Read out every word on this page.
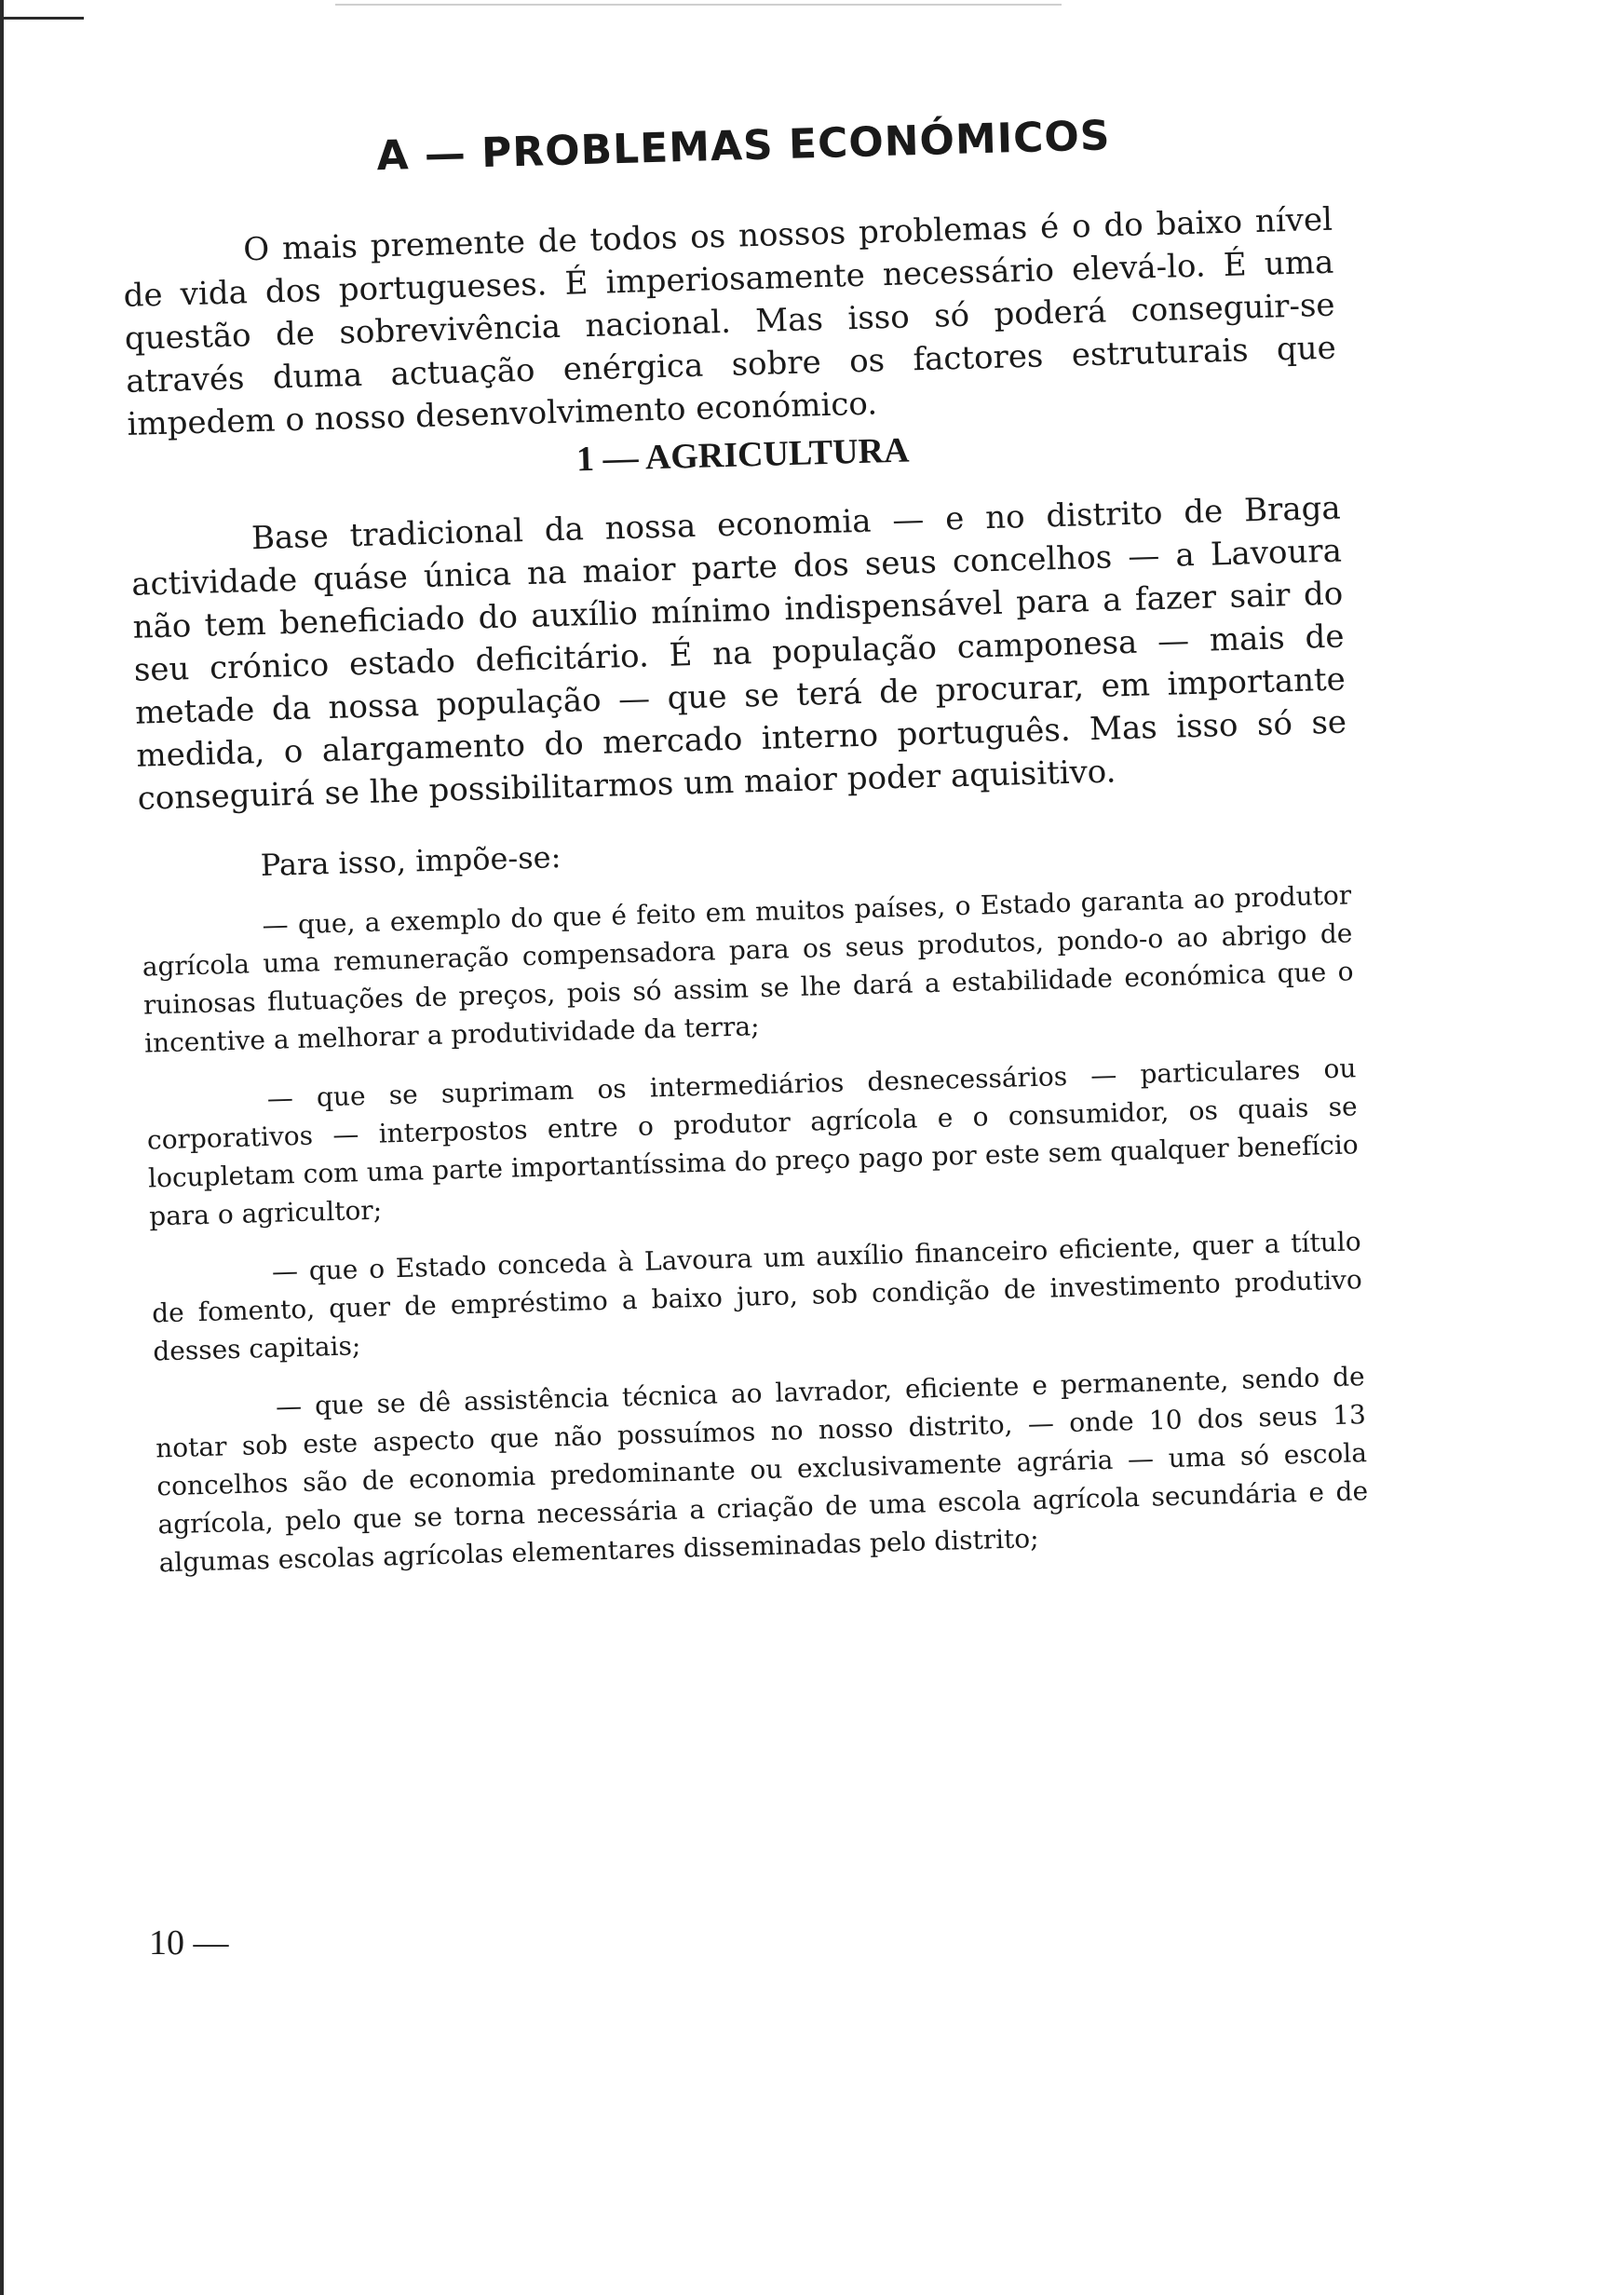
A — PROBLEMAS ECONÓMICOS

O mais premente de todos os nossos problemas é o do baixo nível de vida dos portugueses. É imperiosamente necessário elevá-lo. É uma questão de sobrevivência nacional. Mas isso só poderá conseguir-se através duma actuação enérgica sobre os factores estruturais que impedem o nosso desenvolvimento económico.

1 — AGRICULTURA

Base tradicional da nossa economia — e no distrito de Braga actividade quáse única na maior parte dos seus concelhos — a Lavoura não tem beneficiado do auxílio mínimo indispensável para a fazer sair do seu crónico estado deficitário. É na população camponesa — mais de metade da nossa população — que se terá de procurar, em importante medida, o alargamento do mercado interno português. Mas isso só se conseguirá se lhe possibilitarmos um maior poder aquisitivo.

Para isso, impõe-se:

— que, a exemplo do que é feito em muitos países, o Estado garanta ao produtor agrícola uma remuneração compensadora para os seus produtos, pondo-o ao abrigo de ruinosas flutuações de preços, pois só assim se lhe dará a estabilidade económica que o incentive a melhorar a produtividade da terra;

— que se suprimam os intermediários desnecessários — particulares ou corporativos — interpostos entre o produtor agrícola e o consumidor, os quais se locupletam com uma parte importantíssima do preço pago por este sem qualquer benefício para o agricultor;

— que o Estado conceda à Lavoura um auxílio financeiro eficiente, quer a título de fomento, quer de empréstimo a baixo juro, sob condição de investimento produtivo desses capitais;

— que se dê assistência técnica ao lavrador, eficiente e permanente, sendo de notar sob este aspecto que não possuímos no nosso distrito, — onde 10 dos seus 13 concelhos são de economia predominante ou exclusivamente agrária — uma só escola agrícola, pelo que se torna necessária a criação de uma escola agrícola secundária e de algumas escolas agrícolas elementares disseminadas pelo distrito;

10 —
